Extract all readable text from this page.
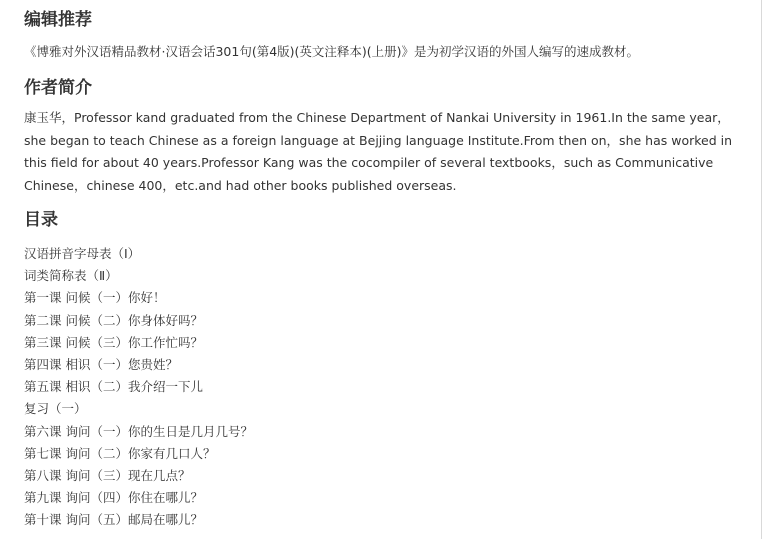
编辑推荐

《博雅对外汉语精品教材·汉语会话301句(第4版)(英文注释本)(上册)》是为初学汉语的外国人编写的速成教材。

作者简介
康玉华，Professor kand graduated from the Chinese Department of Nankai University in 1961.In the same year，
she began to teach Chinese as a foreign language at Bejjing language Institute.From then on，she has worked in
this field for about 40 years.Professor Kang was the cocompiler of several textbooks，such as Communicative
Chinese，chinese 400，etc.and had other books published overseas.
目录
汉语拼音字母表（Ⅰ）
词类简称表（Ⅱ）
第一课 问候（一）你好！
第二课 问候（二）你身体好吗？
第三课 问候（三）你工作忙吗？
第四课 相识（一）您贵姓？
第五课 相识（二）我介绍一下儿
复习（一）
第六课 询问（一）你的生日是几月几号？
第七课 询问（二）你家有几口人？
第八课 询问（三）现在几点？
第九课 询问（四）你住在哪儿？
第十课 询问（五）邮局在哪儿？
